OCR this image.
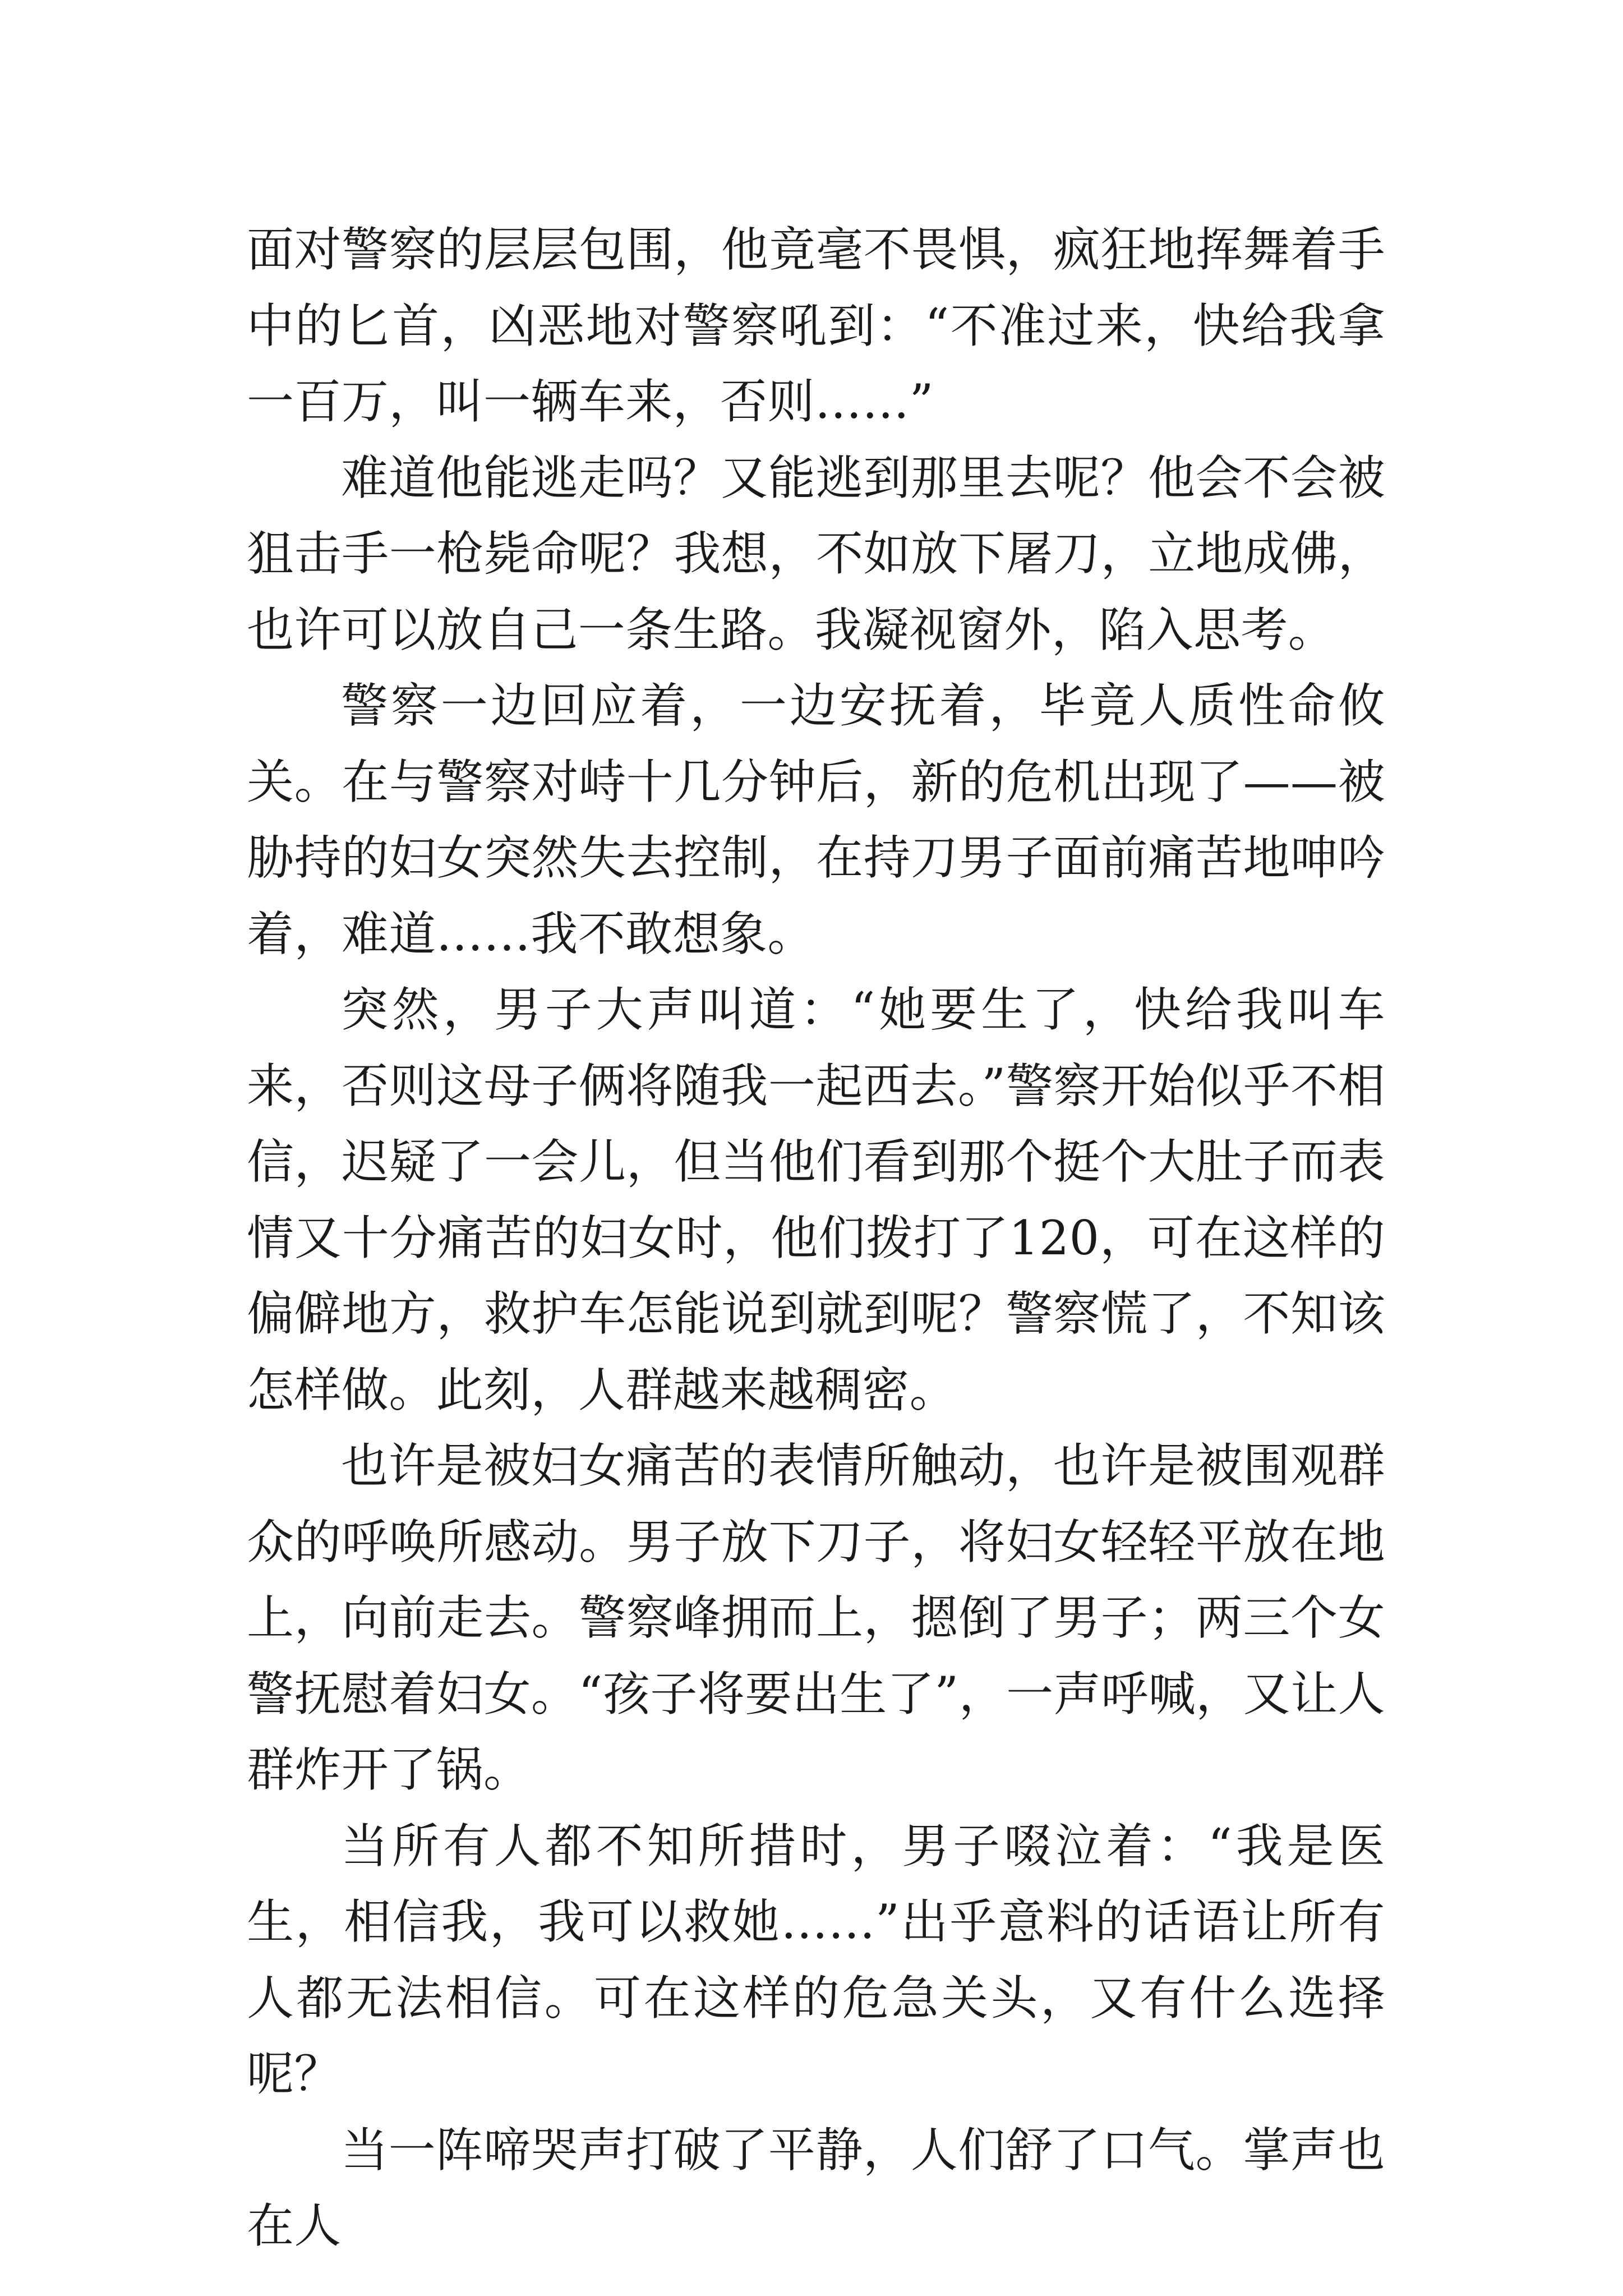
面对警察的层层包围，他竟毫不畏惧，疯狂地挥舞着手中的匕首，凶恶地对警察吼到：“不准过来，快给我拿一百万，叫一辆车来，否则……”

难道他能逃走吗？又能逃到那里去呢？他会不会被狙击手一枪毙命呢？我想，不如放下屠刀，立地成佛，也许可以放自己一条生路。我凝视窗外，陷入思考。

警察一边回应着，一边安抚着，毕竟人质性命攸关。在与警察对峙十几分钟后，新的危机出现了——被胁持的妇女突然失去控制，在持刀男子面前痛苦地呻吟着，难道……我不敢想象。

突然，男子大声叫道：“她要生了，快给我叫车来，否则这母子俩将随我一起西去。”警察开始似乎不相信，迟疑了一会儿，但当他们看到那个挺个大肚子而表情又十分痛苦的妇女时，他们拨打了120，可在这样的偏僻地方，救护车怎能说到就到呢？警察慌了，不知该怎样做。此刻，人群越来越稠密。

也许是被妇女痛苦的表情所触动，也许是被围观群众的呼唤所感动。男子放下刀子，将妇女轻轻平放在地上，向前走去。警察峰拥而上，摁倒了男子；两三个女警抚慰着妇女。“孩子将要出生了”，一声呼喊，又让人群炸开了锅。

当所有人都不知所措时，男子啜泣着：“我是医生，相信我，我可以救她……”出乎意料的话语让所有人都无法相信。可在这样的危急关头，又有什么选择呢？

当一阵啼哭声打破了平静，人们舒了口气。掌声也在人
